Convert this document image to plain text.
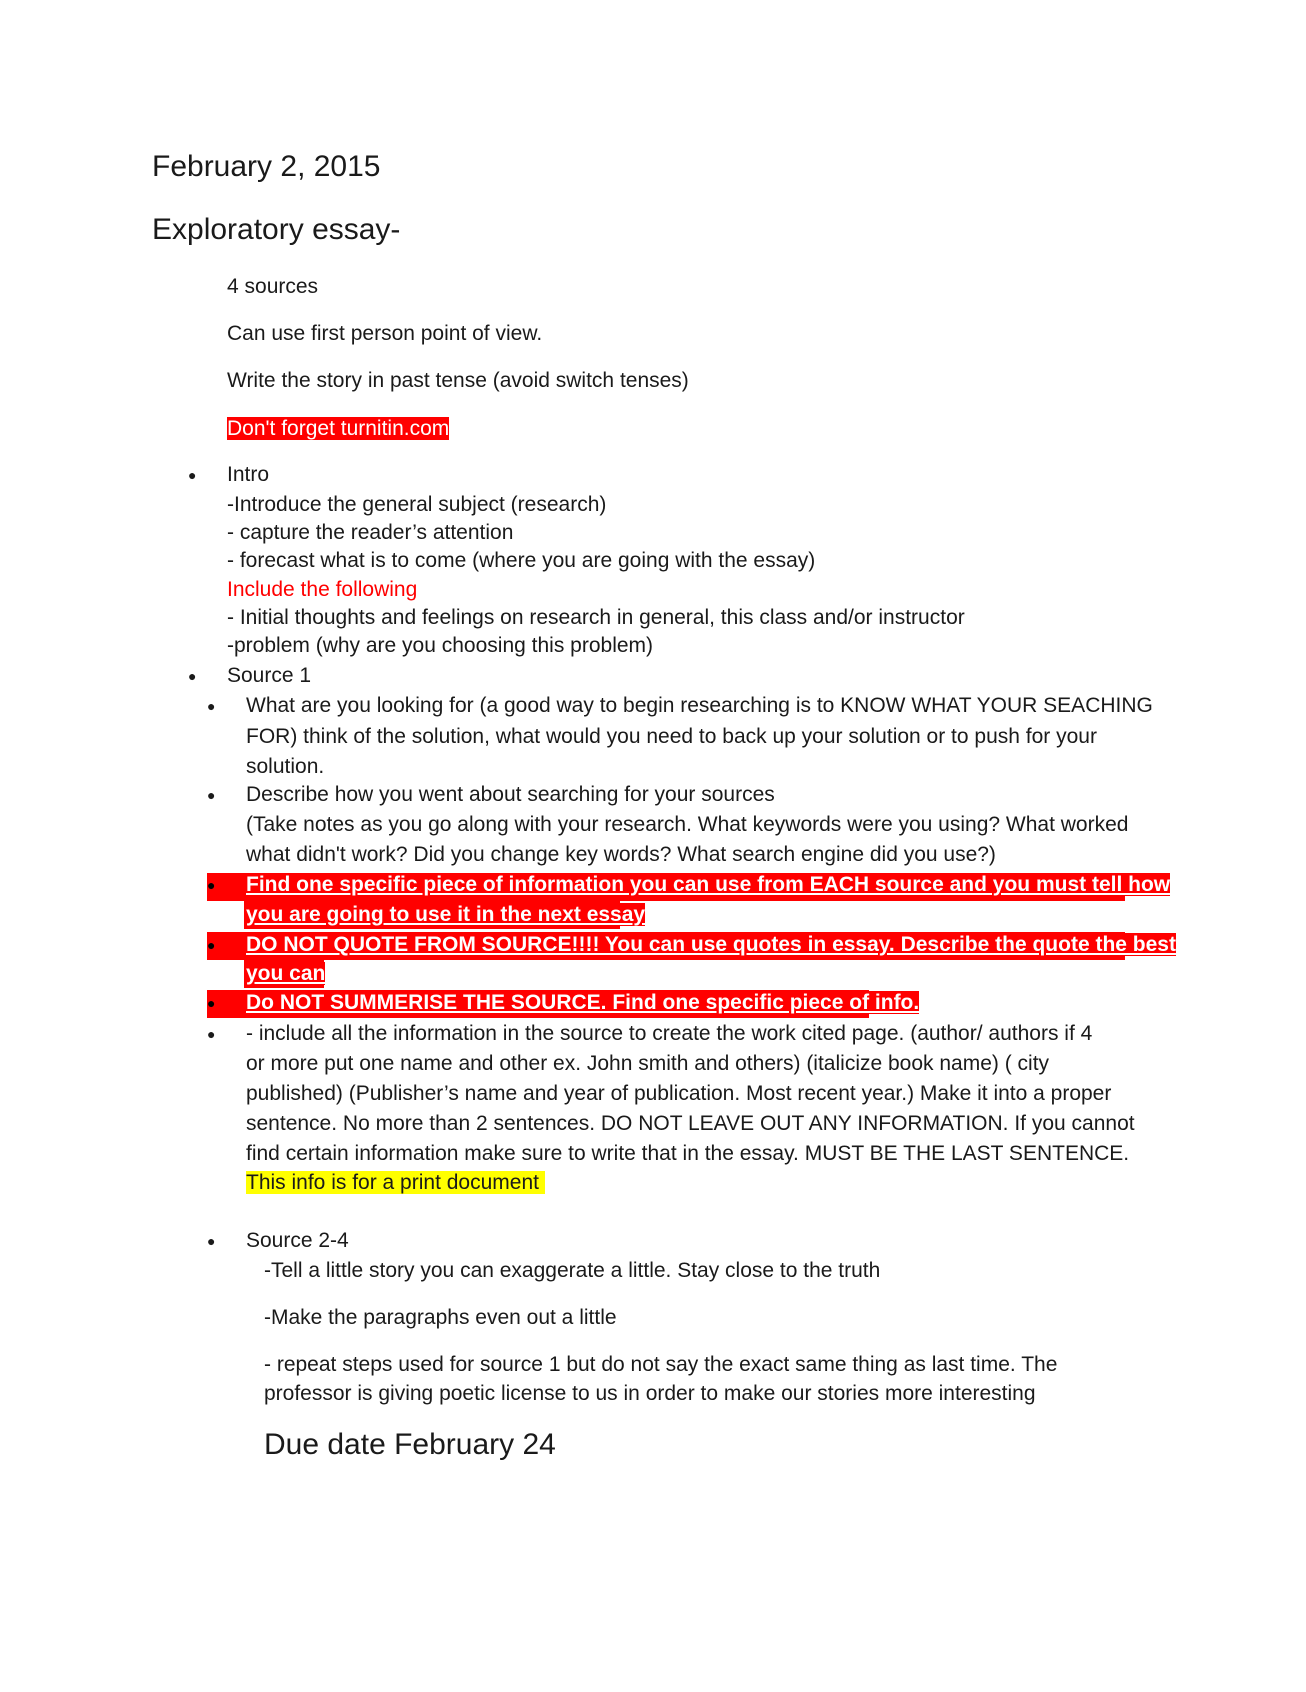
February 2, 2015
Exploratory essay-
4 sources
Can use first person point of view.
Write the story in past tense (avoid switch tenses)
Don't forget turnitin.com
● Intro
-Introduce the general subject (research)
- capture the reader’s attention
- forecast what is to come (where you are going with the essay)
Include the following
- Initial thoughts and feelings on research in general, this class and/or instructor
-problem (why are you choosing this problem)
● Source 1
● What are you looking for (a good way to begin researching is to KNOW WHAT YOUR SEACHING
FOR) think of the solution, what would you need to back up your solution or to push for your
solution.
● Describe how you went about searching for your sources
(Take notes as you go along with your research. What keywords were you using? What worked
what didn't work? Did you change key words? What search engine did you use?)
● Find one specific piece of information you can use from EACH source and you must tell how
you are going to use it in the next essay
● DO NOT QUOTE FROM SOURCE!!!! You can use quotes in essay. Describe the quote the best
you can
● Do NOT SUMMERISE THE SOURCE. Find one specific piece of info.
● - include all the information in the source to create the work cited page. (author/ authors if 4
or more put one name and other ex. John smith and others) (italicize book name) ( city
published) (Publisher’s name and year of publication. Most recent year.) Make it into a proper
sentence. No more than 2 sentences. DO NOT LEAVE OUT ANY INFORMATION. If you cannot
find certain information make sure to write that in the essay. MUST BE THE LAST SENTENCE.
This info is for a print document
● Source 2-4
-Tell a little story you can exaggerate a little. Stay close to the truth
-Make the paragraphs even out a little
- repeat steps used for source 1 but do not say the exact same thing as last time. The
professor is giving poetic license to us in order to make our stories more interesting
Due date February 24
